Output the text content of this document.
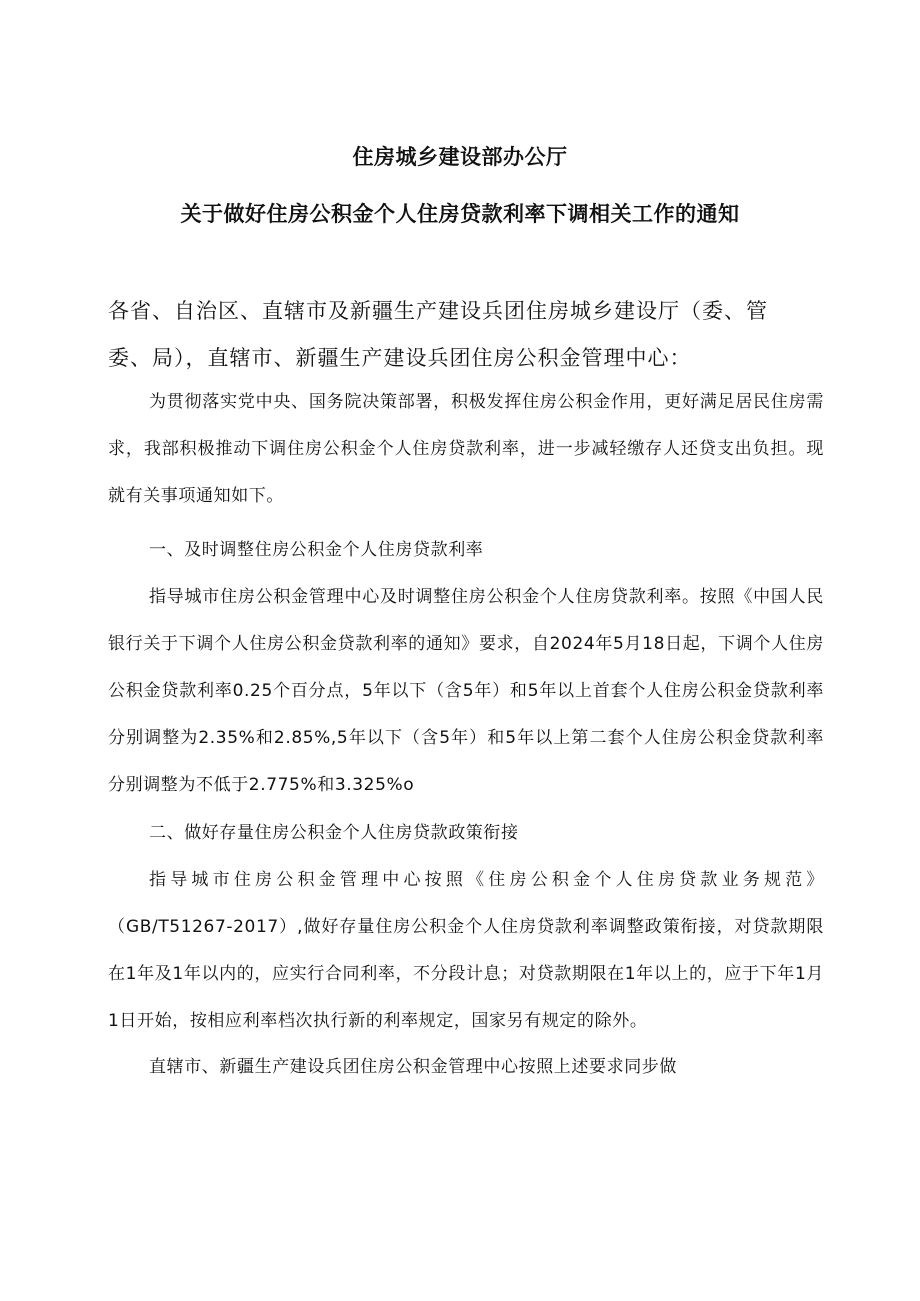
住房城乡建设部办公厅
关于做好住房公积金个人住房贷款利率下调相关工作的通知
各省、自治区、直辖市及新疆生产建设兵团住房城乡建设厅（委、管委、局），直辖市、新疆生产建设兵团住房公积金管理中心：
为贯彻落实党中央、国务院决策部署，积极发挥住房公积金作用，更好满足居民住房需求，我部积极推动下调住房公积金个人住房贷款利率，进一步减轻缴存人还贷支出负担。现就有关事项通知如下。
一、及时调整住房公积金个人住房贷款利率
指导城市住房公积金管理中心及时调整住房公积金个人住房贷款利率。按照《中国人民银行关于下调个人住房公积金贷款利率的通知》要求，自2024年5月18日起，下调个人住房公积金贷款利率0.25个百分点，5年以下（含5年）和5年以上首套个人住房公积金贷款利率分别调整为2.35%和2.85%,5年以下（含5年）和5年以上第二套个人住房公积金贷款利率分别调整为不低于2.775%和3.325%o
二、做好存量住房公积金个人住房贷款政策衔接
指导城市住房公积金管理中心按照《住房公积金个人住房贷款业务规范》（GB/T51267-2017）,做好存量住房公积金个人住房贷款利率调整政策衔接，对贷款期限在1年及1年以内的，应实行合同利率，不分段计息；对贷款期限在1年以上的，应于下年1月1日开始，按相应利率档次执行新的利率规定，国家另有规定的除外。
直辖市、新疆生产建设兵团住房公积金管理中心按照上述要求同步做
